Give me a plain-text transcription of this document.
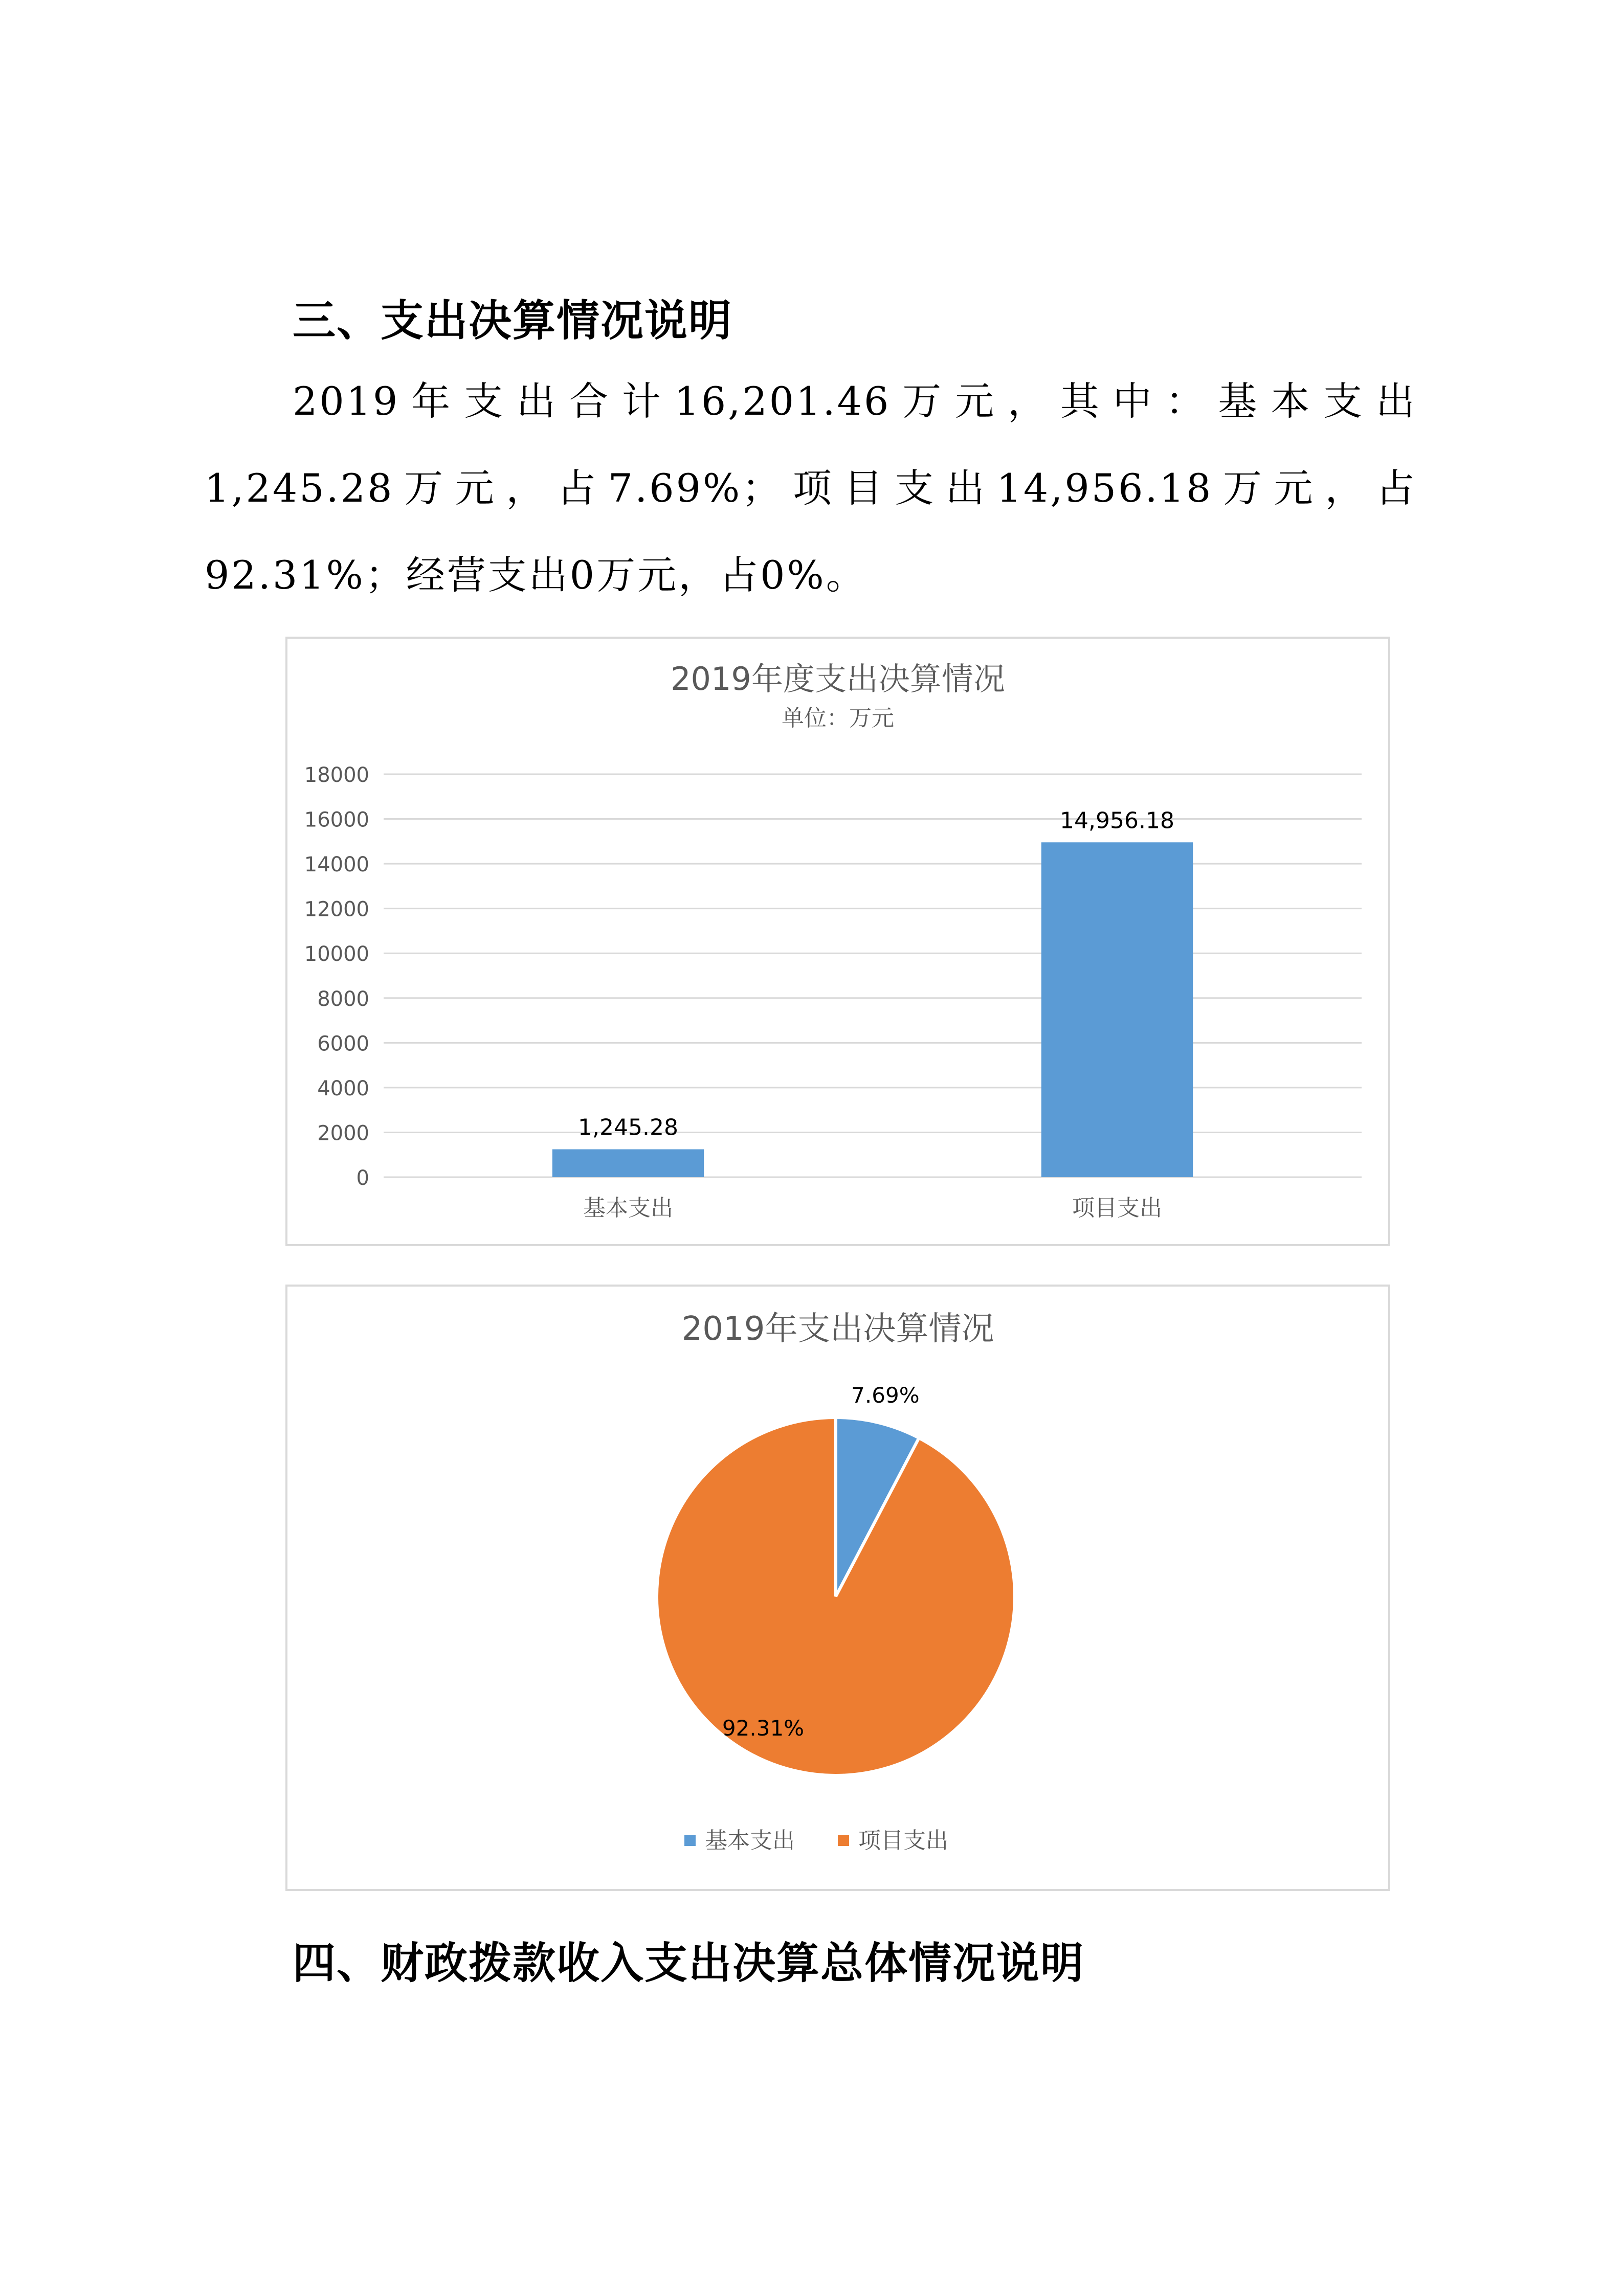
三、支出决算情况说明
2019年支出合计16,201.46万元，其中：基本支出1,245.28万元，占7.69%；项目支出14,956.18万元，占92.31%；经营支出0万元，占0%。
2019年度支出决算情况
单位：万元
0
2000
4000
6000
8000
10000
12000
14000
16000
18000
1,245.28
基本支出
14,956.18
项目支出
2019年支出决算情况
7.69%
92.31%
基本支出	项目支出
四、财政拨款收入支出决算总体情况说明
